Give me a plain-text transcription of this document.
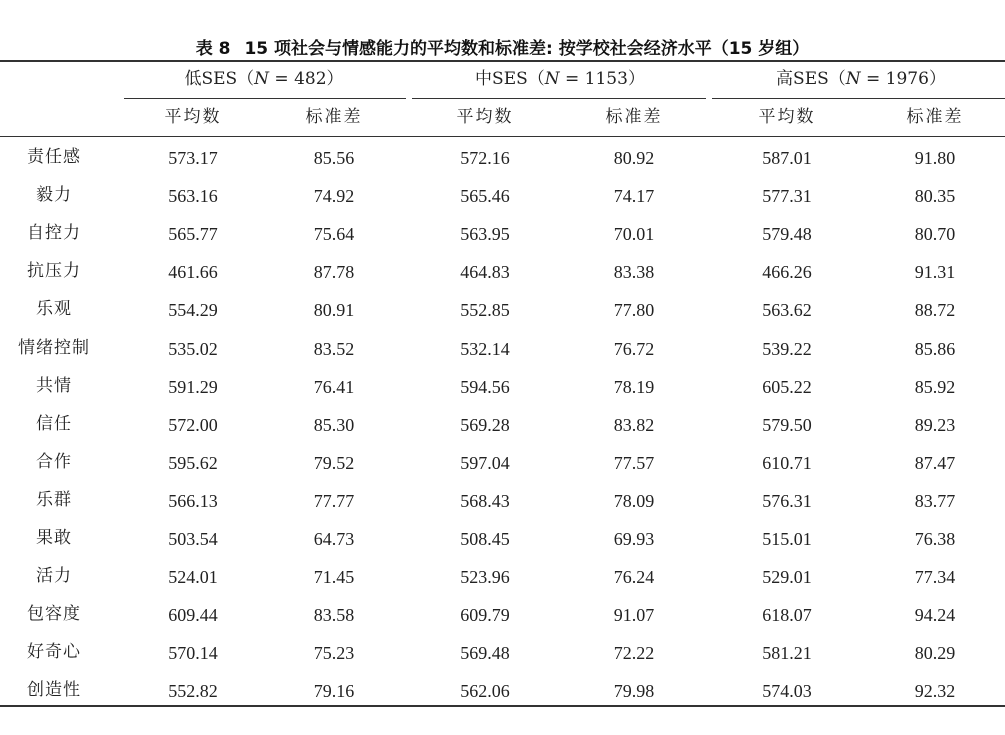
表 8 15 项社会与情感能力的平均数和标准差: 按学校社会经济水平（15 岁组）
低SES（N = 482）	中SES（N = 1153）	高SES（N = 1976）
平均数	标准差	平均数	标准差	平均数	标准差
责任感	573.17	85.56	572.16	80.92	587.01	91.80
毅力	563.16	74.92	565.46	74.17	577.31	80.35
自控力	565.77	75.64	563.95	70.01	579.48	80.70
抗压力	461.66	87.78	464.83	83.38	466.26	91.31
乐观	554.29	80.91	552.85	77.80	563.62	88.72
情绪控制	535.02	83.52	532.14	76.72	539.22	85.86
共情	591.29	76.41	594.56	78.19	605.22	85.92
信任	572.00	85.30	569.28	83.82	579.50	89.23
合作	595.62	79.52	597.04	77.57	610.71	87.47
乐群	566.13	77.77	568.43	78.09	576.31	83.77
果敢	503.54	64.73	508.45	69.93	515.01	76.38
活力	524.01	71.45	523.96	76.24	529.01	77.34
包容度	609.44	83.58	609.79	91.07	618.07	94.24
好奇心	570.14	75.23	569.48	72.22	581.21	80.29
创造性	552.82	79.16	562.06	79.98	574.03	92.32
